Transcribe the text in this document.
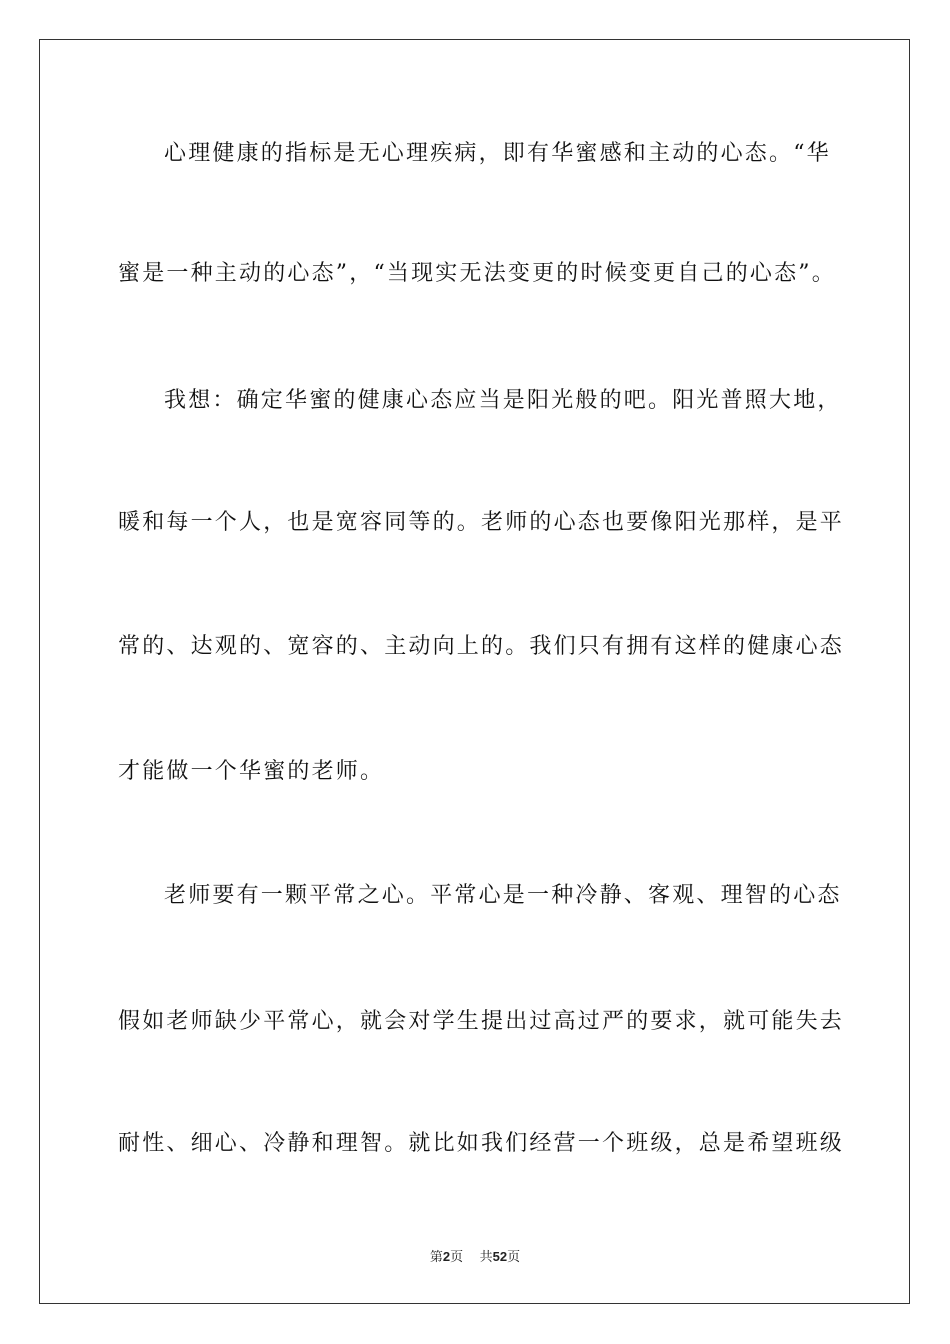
心理健康的指标是无心理疾病，即有华蜜感和主动的心态。“华

蜜是一种主动的心态”，“当现实无法变更的时候变更自己的心态”。

我想：确定华蜜的健康心态应当是阳光般的吧。阳光普照大地，

暖和每一个人，也是宽容同等的。老师的心态也要像阳光那样，是平

常的、达观的、宽容的、主动向上的。我们只有拥有这样的健康心态

才能做一个华蜜的老师。

老师要有一颗平常之心。平常心是一种冷静、客观、理智的心态

假如老师缺少平常心，就会对学生提出过高过严的要求，就可能失去

耐性、细心、冷静和理智。就比如我们经营一个班级，总是希望班级

第2页 共52页
